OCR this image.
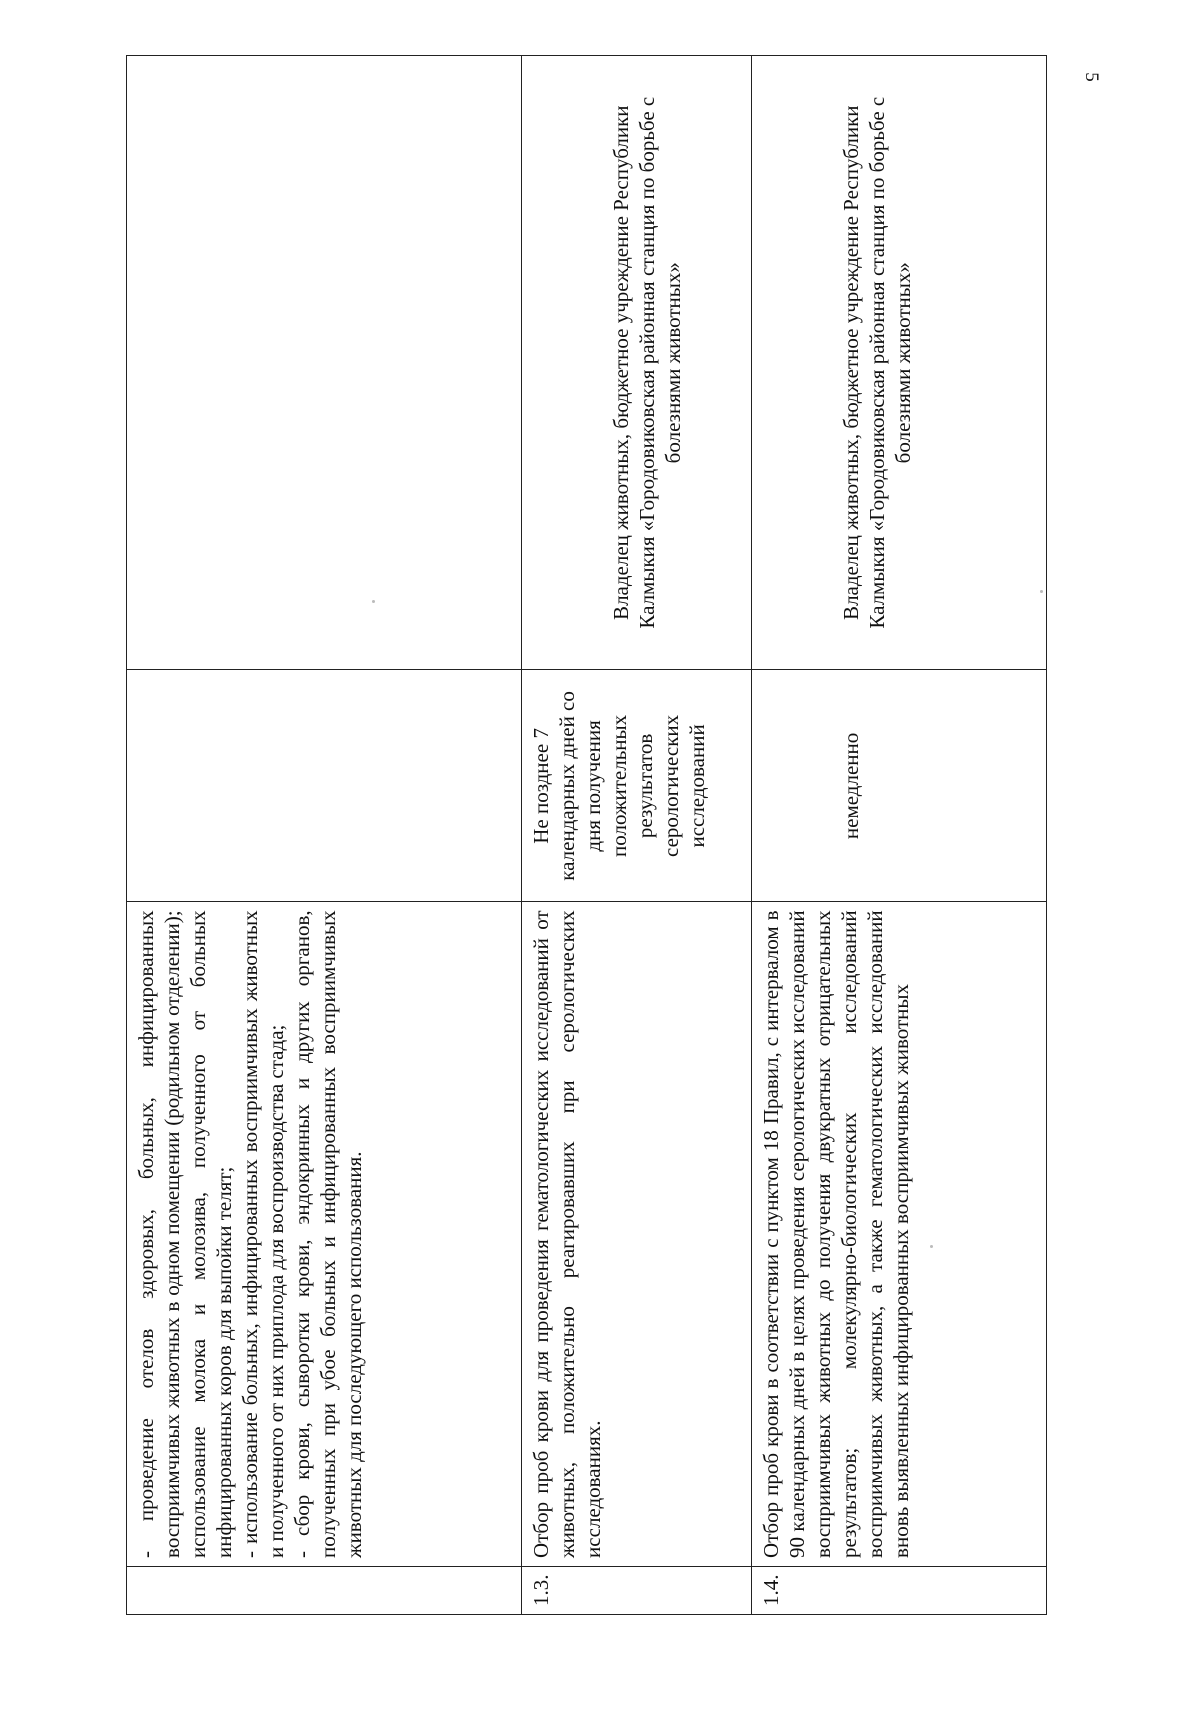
5

	- проведение отелов здоровых, больных, инфицированных восприимчивых животных в одном помещении (родильном отделении); использование молока и молозива, полученного от больных инфицированных коров для выпойки телят; - использование больных, инфицированных восприимчивых животных и полученного от них приплода для воспроизводства стада; - сбор крови, сыворотки крови, эндокринных и других органов, полученных при убое больных и инфицированных восприимчивых животных для последующего использования.		

1.3.	Отбор проб крови для проведения гематологических исследований от животных, положительно реагировавших при серологических исследованиях.	Не позднее 7 календарных дней со дня получения положительных результатов серологических исследований	Владелец животных, бюджетное учреждение Республики Калмыкия «Городовиковская районная станция по борьбе с болезнями животных»

1.4.	Отбор проб крови в соответствии с пунктом 18 Правил, с интервалом в 90 календарных дней в целях проведения серологических исследований восприимчивых животных до получения двукратных отрицательных результатов; молекулярно-биологических исследований восприимчивых животных, а также гематологических исследований вновь выявленных инфицированных восприимчивых животных	немедленно	Владелец животных, бюджетное учреждение Республики Калмыкия «Городовиковская районная станция по борьбе с болезнями животных»
